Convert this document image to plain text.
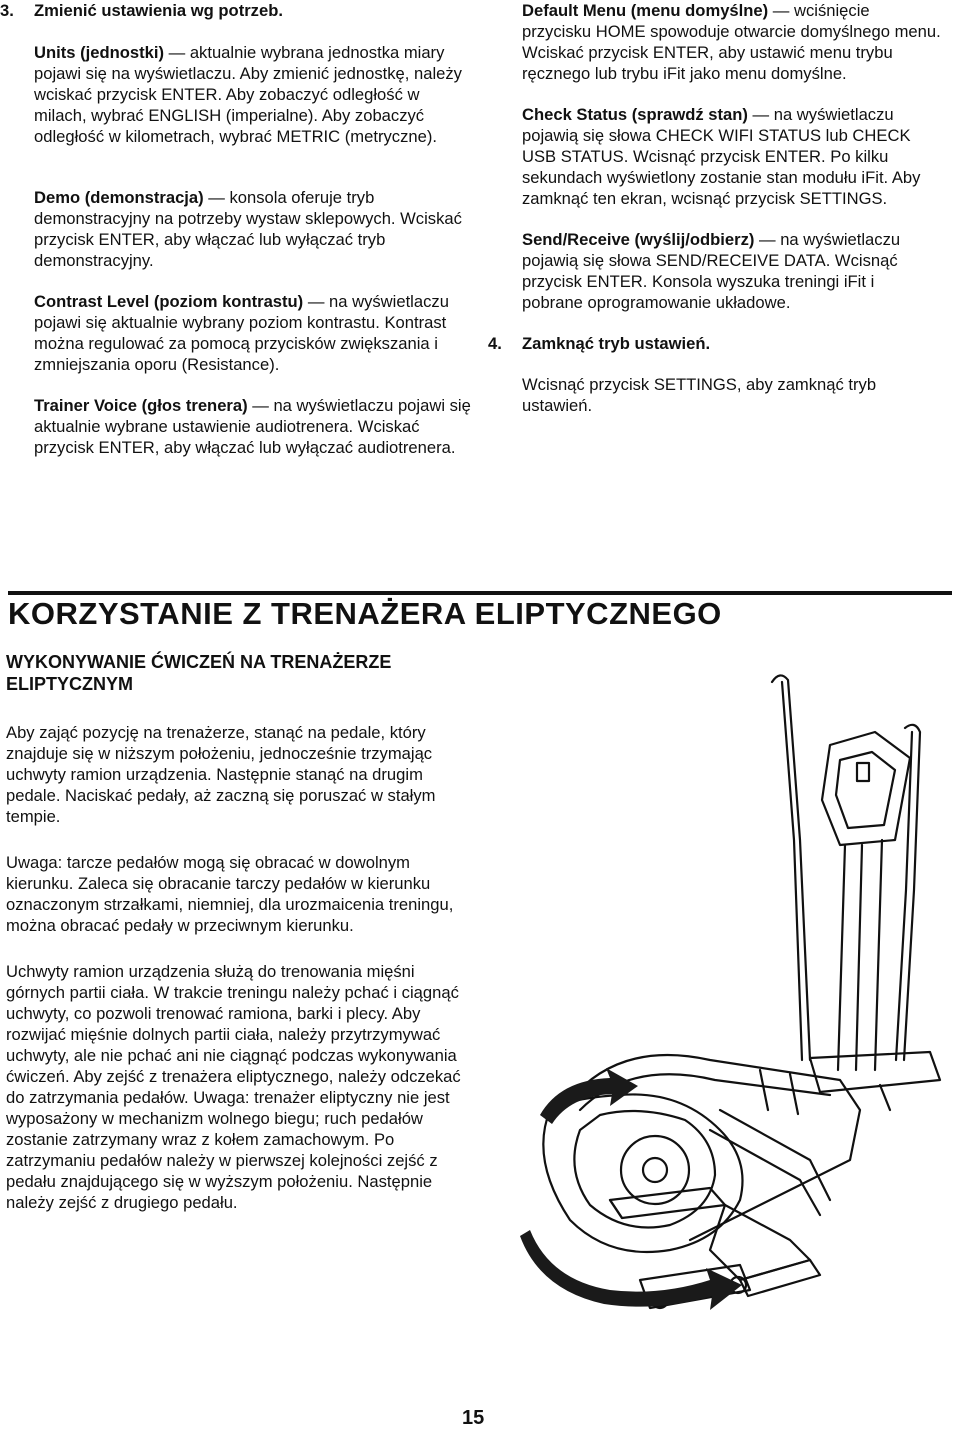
3. Zmienić ustawienia wg potrzeb.

Units (jednostki) — aktualnie wybrana jednostka miary pojawi się na wyświetlaczu. Aby zmienić jednostkę, należy wciskać przycisk ENTER. Aby zobaczyć odległość w milach, wybrać ENGLISH (imperialne). Aby zobaczyć odległość w kilometrach, wybrać METRIC (metryczne).

Demo (demonstracja) — konsola oferuje tryb demonstracyjny na potrzeby wystaw sklepowych. Wciskać przycisk ENTER, aby włączać lub wyłączać tryb demonstracyjny.

Contrast Level (poziom kontrastu) — na wyświetlaczu pojawi się aktualnie wybrany poziom kontrastu. Kontrast można regulować za pomocą przycisków zwiększania i zmniejszania oporu (Resistance).

Trainer Voice (głos trenera) — na wyświetlaczu pojawi się aktualnie wybrane ustawienie audiotrenera. Wciskać przycisk ENTER, aby włączać lub wyłączać audiotrenera.

Default Menu (menu domyślne) — wciśnięcie przycisku HOME spowoduje otwarcie domyślnego menu. Wciskać przycisk ENTER, aby ustawić menu trybu ręcznego lub trybu iFit jako menu domyślne.

Check Status (sprawdź stan) — na wyświetlaczu pojawią się słowa CHECK WIFI STATUS lub CHECK USB STATUS. Wcisnąć przycisk ENTER. Po kilku sekundach wyświetlony zostanie stan modułu iFit. Aby zamknąć ten ekran, wcisnąć przycisk SETTINGS.

Send/Receive (wyślij/odbierz) — na wyświetlaczu pojawią się słowa SEND/RECEIVE DATA. Wcisnąć przycisk ENTER. Konsola wyszuka treningi iFit i pobrane oprogramowanie układowe.

4. Zamknąć tryb ustawień.

Wcisnąć przycisk SETTINGS, aby zamknąć tryb ustawień.

KORZYSTANIE Z TRENAŻERA ELIPTYCZNEGO
WYKONYWANIE ĆWICZEŃ NA TRENAŻERZE ELIPTYCZNYM

Aby zająć pozycję na trenażerze, stanąć na pedale, który znajduje się w niższym położeniu, jednocześnie trzymając uchwyty ramion urządzenia. Następnie stanąć na drugim pedale. Naciskać pedały, aż zaczną się poruszać w stałym tempie.

Uwaga: tarcze pedałów mogą się obracać w dowolnym kierunku. Zaleca się obracanie tarczy pedałów w kierunku oznaczonym strzałkami, niemniej, dla urozmaicenia treningu, można obracać pedały w przeciwnym kierunku.

Uchwyty ramion urządzenia służą do trenowania mięśni górnych partii ciała. W trakcie treningu należy pchać i ciągnąć uchwyty, co pozwoli trenować ramiona, barki i plecy. Aby rozwijać mięśnie dolnych partii ciała, należy przytrzymywać uchwyty, ale nie pchać ani nie ciągnąć podczas wykonywania ćwiczeń. Aby zejść z trenażera eliptycznego, należy odczekać do zatrzymania pedałów. Uwaga: trenażer eliptyczny nie jest wyposażony w mechanizm wolnego biegu; ruch pedałów zostanie zatrzymany wraz z kołem zamachowym. Po zatrzymaniu pedałów należy w pierwszej kolejności zejść z pedału znajdującego się w wyższym położeniu. Następnie należy zejść z drugiego pedału.

15
